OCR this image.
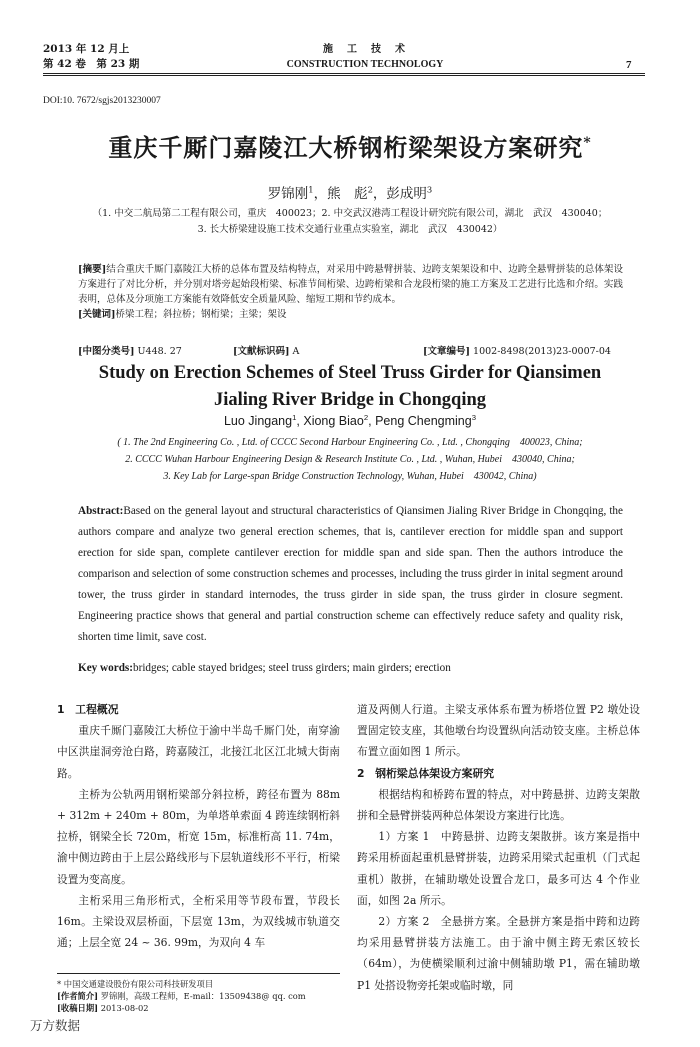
2013 年 12 月上
第 42 卷　第 23 期
施　工　技　术
CONSTRUCTION TECHNOLOGY	7
DOI:10. 7672/sgjs2013230007
重庆千厮门嘉陵江大桥钢桁梁架设方案研究*
罗锦刚$^1$，熊　彪$^2$，彭成明$^3$
（1. 中交二航局第二工程有限公司，重庆　400023；2. 中交武汉港湾工程设计研究院有限公司，湖北　武汉　430040；
3. 长大桥梁建设施工技术交通行业重点实验室，湖北　武汉　430042）
[摘要]结合重庆千厮门嘉陵江大桥的总体布置及结构特点，对采用中跨悬臂拼装、边跨支架架设和中、边跨全悬臂拼装的总体架设方案进行了对比分析，并分别对塔旁起始段桁梁、标准节间桁梁、边跨桁梁和合龙段桁梁的施工方案及工艺进行比选和介绍。实践表明，总体及分项施工方案能有效降低安全质量风险、缩短工期和节约成本。
[关键词]桥梁工程；斜拉桥；钢桁梁；主梁；架设
[中图分类号] U448. 27	[文献标识码] A	[文章编号] 1002-8498(2013)23-0007-04
Study on Erection Schemes of Steel Truss Girder for Qiansimen
Jialing River Bridge in Chongqing
Luo Jingang$^1$, Xiong Biao$^2$, Peng Chengming$^3$
( 1. The 2nd Engineering Co. , Ltd. of CCCC Second Harbour Engineering Co. , Ltd. , Chongqing　400023, China;
2. CCCC Wuhan Harbour Engineering Design & Research Institute Co. , Ltd. , Wuhan, Hubei　430040, China;
3. Key Lab for Large-span Bridge Construction Technology, Wuhan, Hubei　430042, China)
Abstract:Based on the general layout and structural characteristics of Qiansimen Jialing River Bridge in Chongqing, the authors compare and analyze two general erection schemes, that is, cantilever erection for middle span and support erection for side span, complete cantilever erection for middle span and side span. Then the authors introduce the comparison and selection of some construction schemes and processes, including the truss girder in inital segment around tower, the truss girder in standard internodes, the truss girder in side span, the truss girder in closure segment. Engineering practice shows that general and partial construction scheme can effectively reduce safety and quality risk, shorten time limit, save cost.
Key words:bridges; cable stayed bridges; steel truss girders; main girders; erection
1　工程概况

重庆千厮门嘉陵江大桥位于渝中半岛千厮门处，南穿渝中区洪崖洞旁沧白路，跨嘉陵江，北接江北区江北城大街南路。

主桥为公轨两用钢桁梁部分斜拉桥，跨径布置为 88m + 312m + 240m + 80m，为单塔单索面 4 跨连续钢桁斜拉桥，钢梁全长 720m，桁宽 15m，标准桁高 11. 74m，渝中侧边跨由于上层公路线形与下层轨道线形不平行，桁梁设置为变高度。

主桁采用三角形桁式，全桁采用等节段布置，节段长 16m。主梁设双层桥面，下层宽 13m，为双线城市轨道交通；上层全宽 24 ~ 36. 99m，为双向 4 车

道及两侧人行道。主梁支承体系布置为桥塔位置 P2 墩处设置固定铰支座，其他墩台均设置纵向活动铰支座。主桥总体布置立面如图 1 所示。

2　钢桁梁总体架设方案研究

根据结构和桥跨布置的特点，对中跨悬拼、边跨支架散拼和全悬臂拼装两种总体架设方案进行比选。

1）方案 1　中跨悬拼、边跨支架散拼。该方案是指中跨采用桥面起重机悬臂拼装，边跨采用梁式起重机（门式起重机）散拼，在辅助墩处设置合龙口，最多可达 4 个作业面，如图 2a 所示。

2）方案 2　全悬拼方案。全悬拼方案是指中跨和边跨均采用悬臂拼装方法施工。由于渝中侧主跨无索区较长（64m），为使横梁顺利过渝中侧辅助墩 P1，需在辅助墩 P1 处搭设物旁托架或临时墩，同

* 中国交通建设股份有限公司科技研发项目
[作者简介] 罗锦刚，高级工程师，E-mail：13509438@ qq. com
[收稿日期] 2013-08-02
万方数据
